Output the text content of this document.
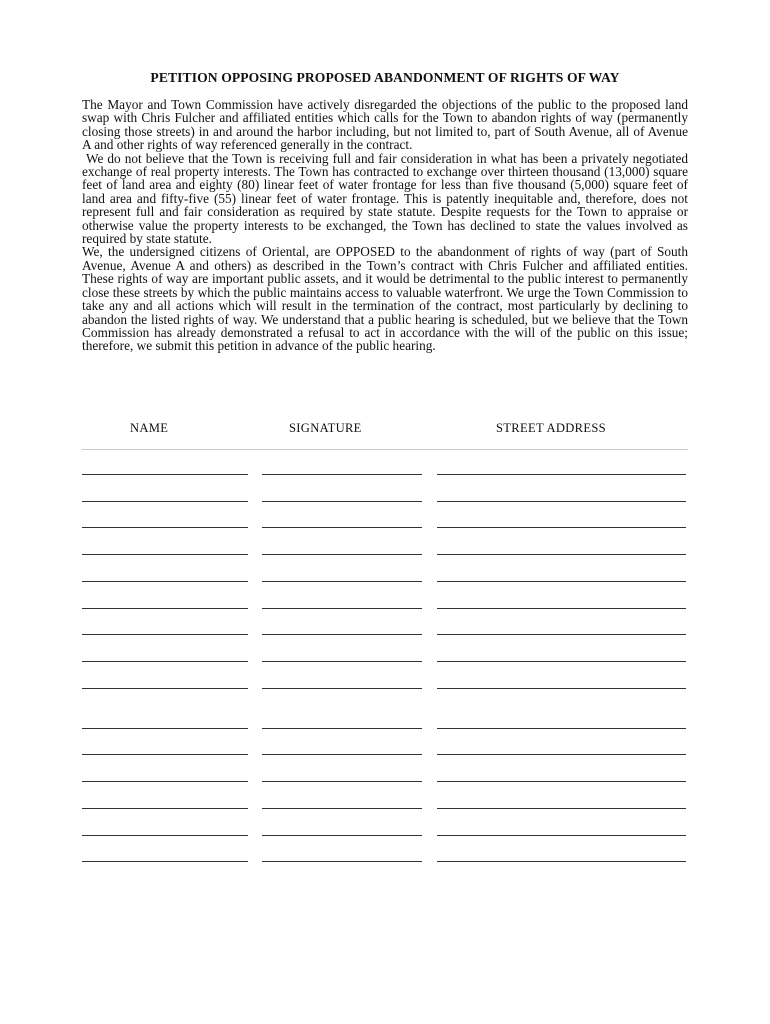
PETITION OPPOSING PROPOSED ABANDONMENT OF RIGHTS OF WAY

The Mayor and Town Commission have actively disregarded the objections of the public to the proposed land swap with Chris Fulcher and affiliated entities which calls for the Town to abandon rights of way (permanently closing those streets) in and around the harbor including, but not limited to, part of South Avenue, all of Avenue A and other rights of way referenced generally in the contract.

We do not believe that the Town is receiving full and fair consideration in what has been a privately negotiated exchange of real property interests. The Town has contracted to exchange over thirteen thousand (13,000) square feet of land area and eighty (80) linear feet of water frontage for less than five thousand (5,000) square feet of land area and fifty-five (55) linear feet of water frontage. This is patently inequitable and, therefore, does not represent full and fair consideration as required by state statute. Despite requests for the Town to appraise or otherwise value the property interests to be exchanged, the Town has declined to state the values involved as required by state statute.

We, the undersigned citizens of Oriental, are OPPOSED to the abandonment of rights of way (part of South Avenue, Avenue A and others) as described in the Town’s contract with Chris Fulcher and affiliated entities. These rights of way are important public assets, and it would be detrimental to the public interest to permanently close these streets by which the public maintains access to valuable waterfront. We urge the Town Commission to take any and all actions which will result in the termination of the contract, most particularly by declining to abandon the listed rights of way. We understand that a public hearing is scheduled, but we believe that the Town Commission has already demonstrated a refusal to act in accordance with the will of the public on this issue; therefore, we submit this petition in advance of the public hearing.

NAME	SIGNATURE	STREET ADDRESS
